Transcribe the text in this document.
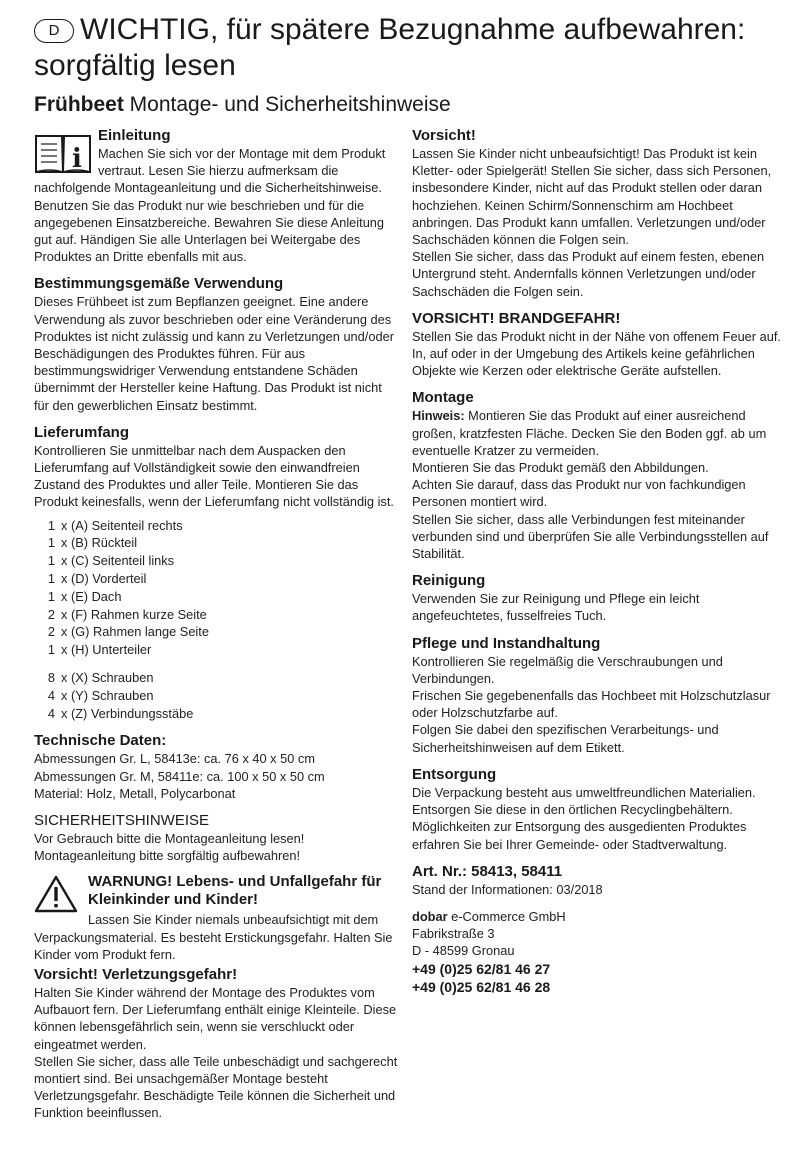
D WICHTIG, für spätere Bezugnahme aufbewahren:
sorgfältig lesen
Frühbeet Montage- und Sicherheitshinweise
i
Einleitung

Machen Sie sich vor der Montage mit dem Produkt vertraut. Lesen Sie hierzu aufmerksam die nachfolgende Montageanleitung und die Sicherheitshinweise. Benutzen Sie das Produkt nur wie beschrieben und für die angegebenen Einsatzbereiche. Bewahren Sie diese Anleitung gut auf. Händigen Sie alle Unterlagen bei Weitergabe des Produktes an Dritte ebenfalls mit aus.

Bestimmungsgemäße Verwendung

Dieses Frühbeet ist zum Bepflanzen geeignet. Eine andere Verwendung als zuvor beschrieben oder eine Veränderung des Produktes ist nicht zulässig und kann zu Verletzungen und/oder Beschädigungen des Produktes führen. Für aus bestimmungswidriger Verwendung entstandene Schäden übernimmt der Hersteller keine Haftung. Das Produkt ist nicht für den gewerblichen Einsatz bestimmt.

Lieferumfang

Kontrollieren Sie unmittelbar nach dem Auspacken den Lieferumfang auf Vollständigkeit sowie den einwandfreien Zustand des Produktes und aller Teile. Montieren Sie das Produkt keinesfalls, wenn der Lieferumfang nicht vollständig ist.

1 x (A) Seitenteil rechts
1 x (B) Rückteil
1 x (C) Seitenteil links
1 x (D) Vorderteil
1 x (E) Dach
2 x (F) Rahmen kurze Seite
2 x (G) Rahmen lange Seite
1 x (H) Unterteiler
8 x (X) Schrauben
4 x (Y) Schrauben
4 x (Z) Verbindungsstäbe
Technische Daten:

Abmessungen Gr. L, 58413e: ca. 76 x 40 x 50 cm

Abmessungen Gr. M, 58411e: ca. 100 x 50 x 50 cm

Material: Holz, Metall, Polycarbonat

SICHERHEITSHINWEISE

Vor Gebrauch bitte die Montageanleitung lesen!

Montageanleitung bitte sorgfältig aufbewahren!

WARNUNG! Lebens- und Unfallgefahr für Kleinkinder und Kinder!

Lassen Sie Kinder niemals unbeaufsichtigt mit dem Verpackungsmaterial. Es besteht Erstickungsgefahr. Halten Sie Kinder vom Produkt fern.

Vorsicht! Verletzungsgefahr!

Halten Sie Kinder während der Montage des Produktes vom Aufbauort fern. Der Lieferumfang enthält einige Kleinteile. Diese können lebensgefährlich sein, wenn sie verschluckt oder eingeatmet werden.

Stellen Sie sicher, dass alle Teile unbeschädigt und sachgerecht montiert sind. Bei unsachgemäßer Montage besteht Verletzungsgefahr. Beschädigte Teile können die Sicherheit und Funktion beeinflussen.

Vorsicht!

Lassen Sie Kinder nicht unbeaufsichtigt! Das Produkt ist kein Kletter- oder Spielgerät! Stellen Sie sicher, dass sich Personen, insbesondere Kinder, nicht auf das Produkt stellen oder daran hochziehen. Keinen Schirm/Sonnenschirm am Hochbeet anbringen. Das Produkt kann umfallen. Verletzungen und/oder Sachschäden können die Folgen sein.

Stellen Sie sicher, dass das Produkt auf einem festen, ebenen Untergrund steht. Andernfalls können Verletzungen und/oder Sachschäden die Folgen sein.

VORSICHT! BRANDGEFAHR!

Stellen Sie das Produkt nicht in der Nähe von offenem Feuer auf. In, auf oder in der Umgebung des Artikels keine gefährlichen Objekte wie Kerzen oder elektrische Geräte aufstellen.

Montage

Hinweis: Montieren Sie das Produkt auf einer ausreichend großen, kratzfesten Fläche. Decken Sie den Boden ggf. ab um eventuelle Kratzer zu vermeiden.

Montieren Sie das Produkt gemäß den Abbildungen.

Achten Sie darauf, dass das Produkt nur von fachkundigen Personen montiert wird.

Stellen Sie sicher, dass alle Verbindungen fest miteinander verbunden sind und überprüfen Sie alle Verbindungsstellen auf Stabilität.

Reinigung

Verwenden Sie zur Reinigung und Pflege ein leicht angefeuchtetes, fusselfreies Tuch.

Pflege und Instandhaltung

Kontrollieren Sie regelmäßig die Verschraubungen und Verbindungen.

Frischen Sie gegebenenfalls das Hochbeet mit Holzschutzlasur oder Holzschutzfarbe auf.

Folgen Sie dabei den spezifischen Verarbeitungs- und Sicherheitshinweisen auf dem Etikett.

Entsorgung

Die Verpackung besteht aus umweltfreundlichen Materialien. Entsorgen Sie diese in den örtlichen Recyclingbehältern. Möglichkeiten zur Entsorgung des ausgedienten Produktes erfahren Sie bei Ihrer Gemeinde- oder Stadtverwaltung.

Art. Nr.: 58413, 58411

Stand der Informationen: 03/2018

dobar e-Commerce GmbH

Fabrikstraße 3

D - 48599 Gronau

+49 (0)25 62/81 46 27
+49 (0)25 62/81 46 28
